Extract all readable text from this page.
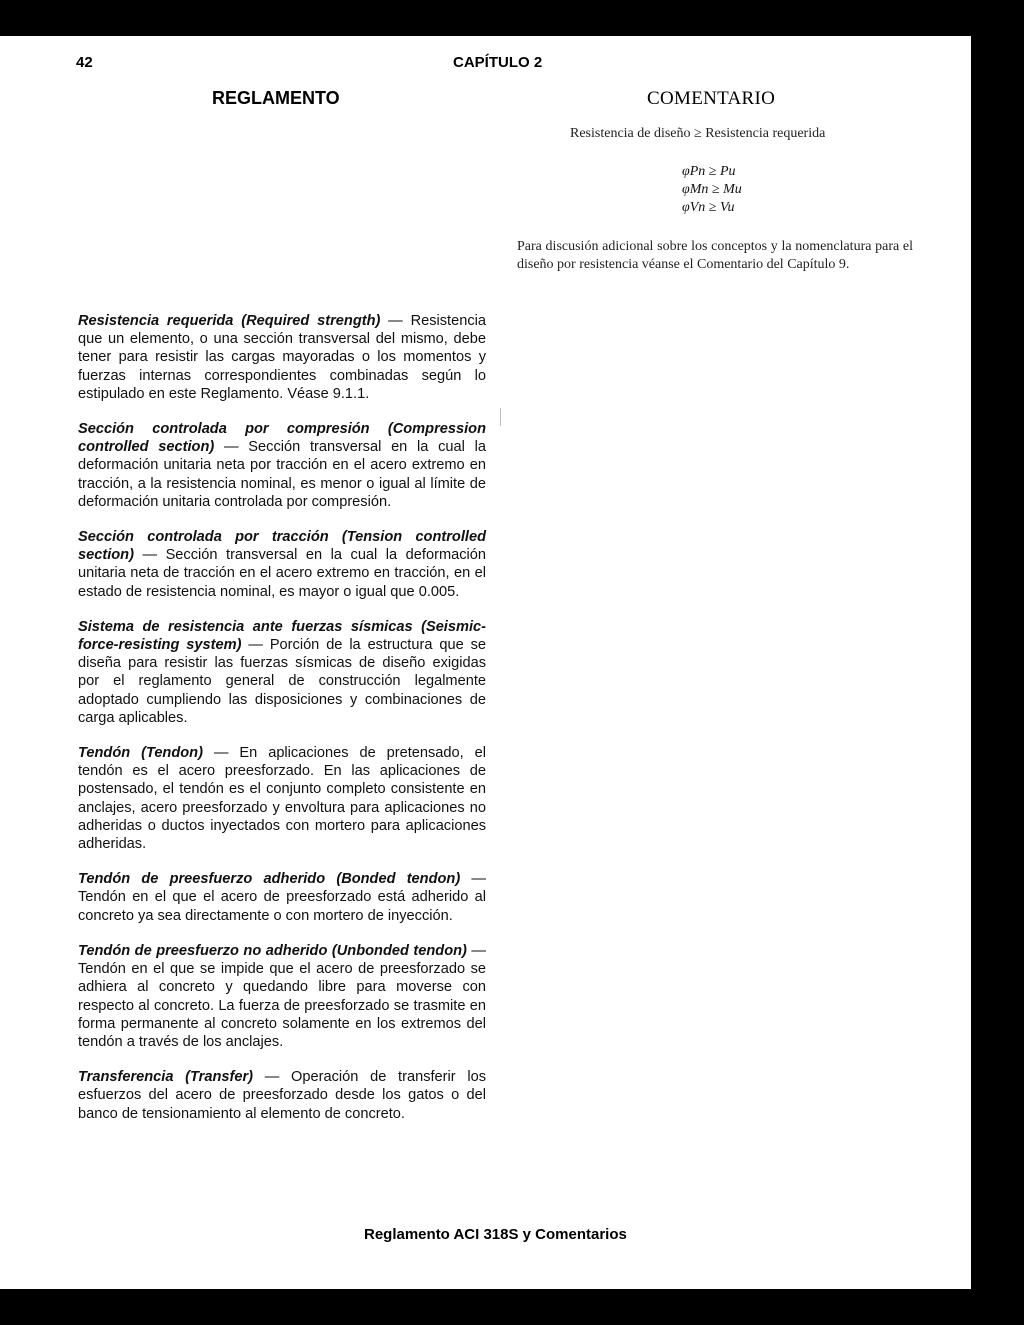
42	CAPÍTULO 2
REGLAMENTO	COMENTARIO
Resistencia de diseño ≥ Resistencia requerida
φPn ≥ Pu
φMn ≥ Mu
φVn ≥ Vu
Para discusión adicional sobre los conceptos y la nomenclatura para el diseño por resistencia véanse el Comentario del Capítulo 9.

Resistencia requerida (Required strength) — Resistencia que un elemento, o una sección transversal del mismo, debe tener para resistir las cargas mayoradas o los momentos y fuerzas internas correspondientes combinadas según lo estipulado en este Reglamento. Véase 9.1.1.

Sección controlada por compresión (Compression controlled section) — Sección transversal en la cual la deformación unitaria neta por tracción en el acero extremo en tracción, a la resistencia nominal, es menor o igual al límite de deformación unitaria controlada por compresión.

Sección controlada por tracción (Tension controlled section) — Sección transversal en la cual la deformación unitaria neta de tracción en el acero extremo en tracción, en el estado de resistencia nominal, es mayor o igual que 0.005.

Sistema de resistencia ante fuerzas sísmicas (Seismic-force-resisting system) — Porción de la estructura que se diseña para resistir las fuerzas sísmicas de diseño exigidas por el reglamento general de construcción legalmente adoptado cumpliendo las disposiciones y combinaciones de carga aplicables.

Tendón (Tendon) — En aplicaciones de pretensado, el tendón es el acero preesforzado. En las aplicaciones de postensado, el tendón es el conjunto completo consistente en anclajes, acero preesforzado y envoltura para aplicaciones no adheridas o ductos inyectados con mortero para aplicaciones adheridas.

Tendón de preesfuerzo adherido (Bonded tendon) — Tendón en el que el acero de preesforzado está adherido al concreto ya sea directamente o con mortero de inyección.

Tendón de preesfuerzo no adherido (Unbonded tendon) — Tendón en el que se impide que el acero de preesforzado se adhiera al concreto y quedando libre para moverse con respecto al concreto. La fuerza de preesforzado se trasmite en forma permanente al concreto solamente en los extremos del tendón a través de los anclajes.

Transferencia (Transfer) — Operación de transferir los esfuerzos del acero de preesforzado desde los gatos o del banco de tensionamiento al elemento de concreto.

Reglamento ACI 318S y Comentarios
